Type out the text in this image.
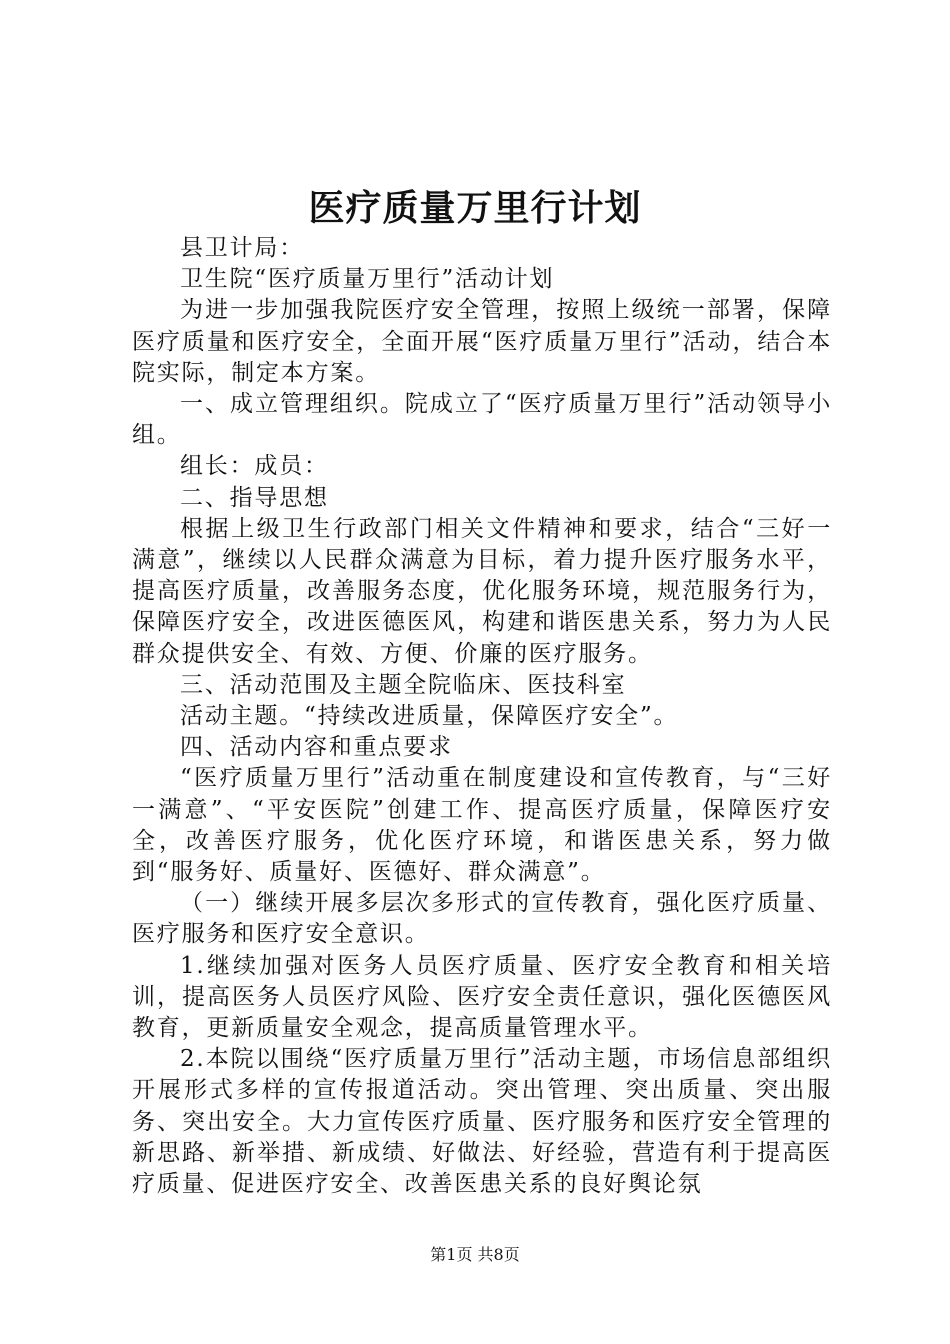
医疗质量万里行计划

县卫计局：

卫生院“医疗质量万里行”活动计划

为进一步加强我院医疗安全管理，按照上级统一部署，保障医疗质量和医疗安全，全面开展“医疗质量万里行”活动，结合本院实际，制定本方案。

一、成立管理组织。院成立了“医疗质量万里行”活动领导小组。

组长：成员：

二、指导思想

根据上级卫生行政部门相关文件精神和要求，结合“三好一满意”，继续以人民群众满意为目标，着力提升医疗服务水平，提高医疗质量，改善服务态度，优化服务环境，规范服务行为，保障医疗安全，改进医德医风，构建和谐医患关系，努力为人民群众提供安全、有效、方便、价廉的医疗服务。

三、活动范围及主题全院临床、医技科室

活动主题。“持续改进质量，保障医疗安全”。

四、活动内容和重点要求

“医疗质量万里行”活动重在制度建设和宣传教育，与“三好一满意”、“平安医院”创建工作、提高医疗质量，保障医疗安全，改善医疗服务，优化医疗环境，和谐医患关系，努力做到“服务好、质量好、医德好、群众满意”。

（一）继续开展多层次多形式的宣传教育，强化医疗质量、医疗服务和医疗安全意识。

1.继续加强对医务人员医疗质量、医疗安全教育和相关培训，提高医务人员医疗风险、医疗安全责任意识，强化医德医风教育，更新质量安全观念，提高质量管理水平。

2.本院以围绕“医疗质量万里行”活动主题，市场信息部组织开展形式多样的宣传报道活动。突出管理、突出质量、突出服务、突出安全。大力宣传医疗质量、医疗服务和医疗安全管理的新思路、新举措、新成绩、好做法、好经验，营造有利于提高医疗质量、促进医疗安全、改善医患关系的良好舆论氛

第1页 共8页
